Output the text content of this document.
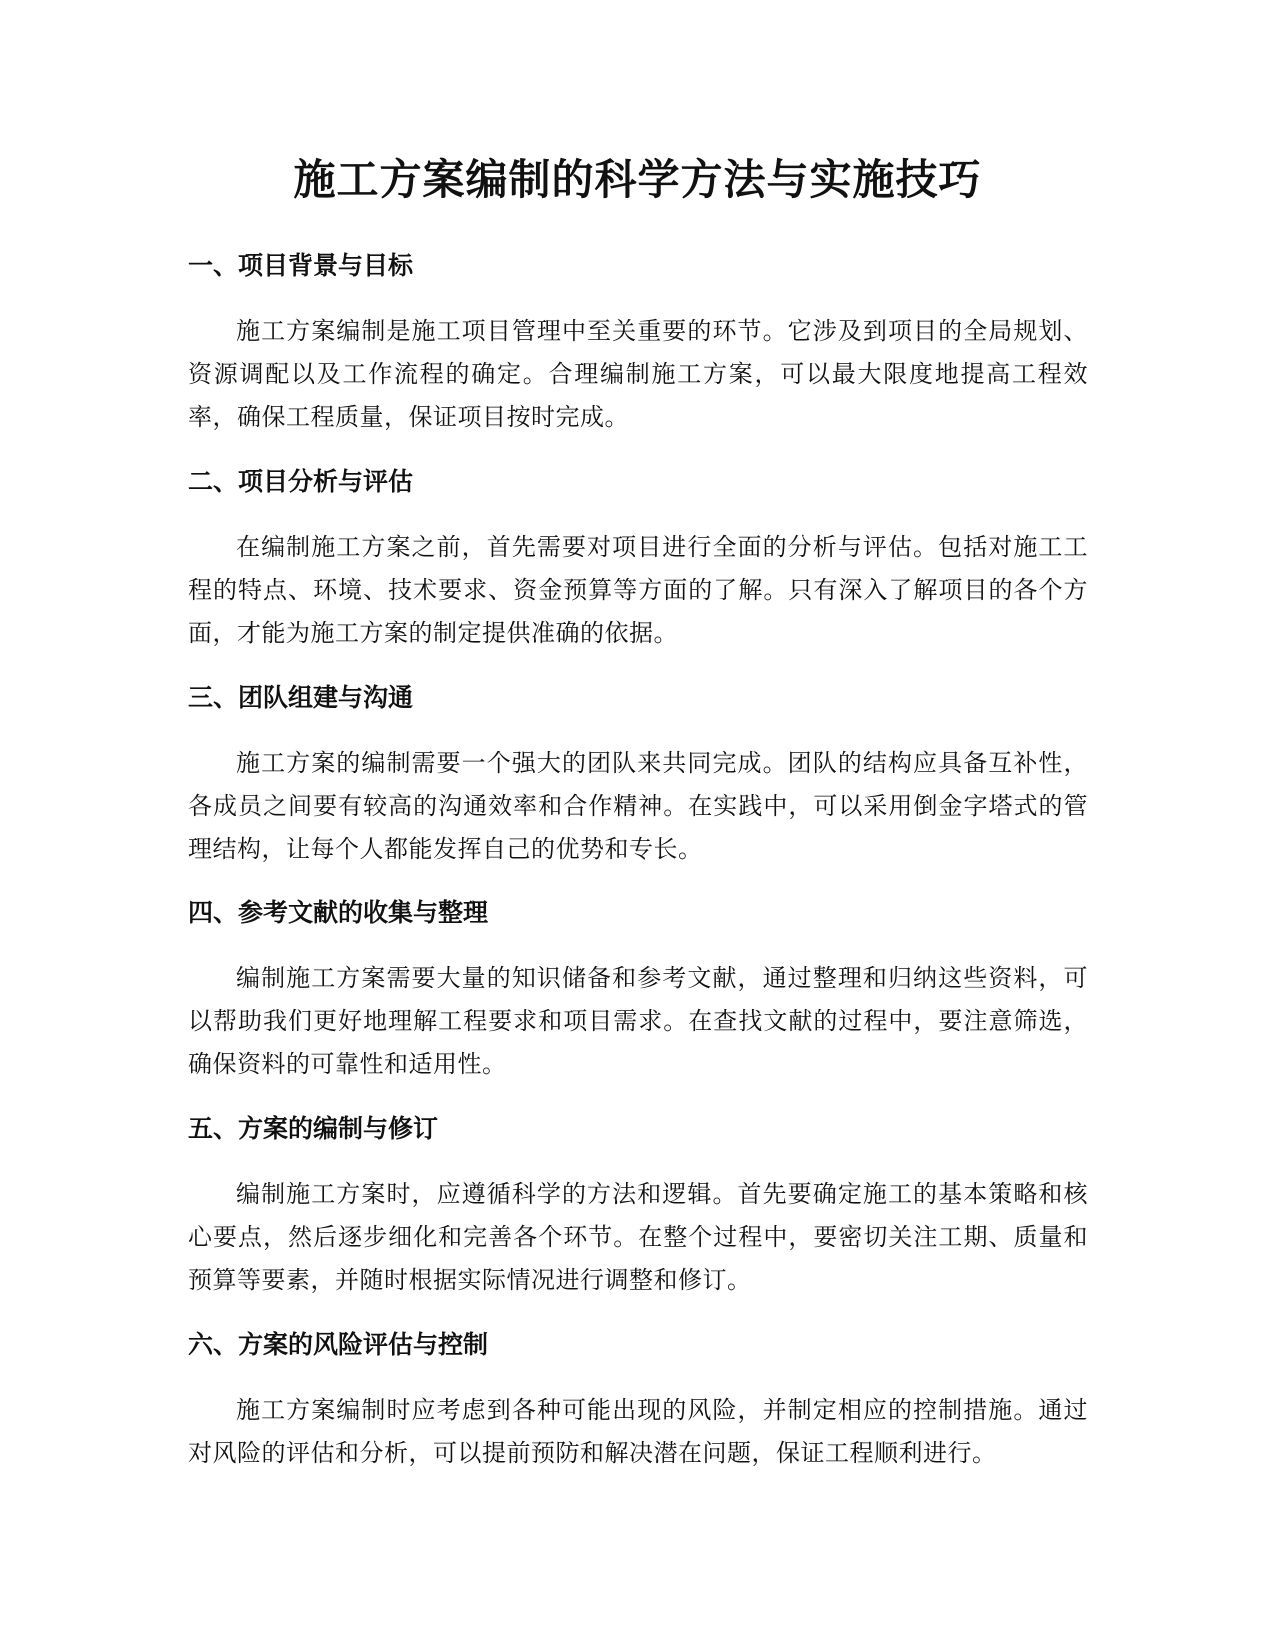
施工方案编制的科学方法与实施技巧
一、项目背景与目标

施工方案编制是施工项目管理中至关重要的环节。它涉及到项目的全局规划、资源调配以及工作流程的确定。合理编制施工方案，可以最大限度地提高工程效率，确保工程质量，保证项目按时完成。

二、项目分析与评估

在编制施工方案之前，首先需要对项目进行全面的分析与评估。包括对施工工程的特点、环境、技术要求、资金预算等方面的了解。只有深入了解项目的各个方面，才能为施工方案的制定提供准确的依据。

三、团队组建与沟通

施工方案的编制需要一个强大的团队来共同完成。团队的结构应具备互补性，各成员之间要有较高的沟通效率和合作精神。在实践中，可以采用倒金字塔式的管理结构，让每个人都能发挥自己的优势和专长。

四、参考文献的收集与整理

编制施工方案需要大量的知识储备和参考文献，通过整理和归纳这些资料，可以帮助我们更好地理解工程要求和项目需求。在查找文献的过程中，要注意筛选，确保资料的可靠性和适用性。

五、方案的编制与修订

编制施工方案时，应遵循科学的方法和逻辑。首先要确定施工的基本策略和核心要点，然后逐步细化和完善各个环节。在整个过程中，要密切关注工期、质量和预算等要素，并随时根据实际情况进行调整和修订。

六、方案的风险评估与控制

施工方案编制时应考虑到各种可能出现的风险，并制定相应的控制措施。通过对风险的评估和分析，可以提前预防和解决潜在问题，保证工程顺利进行。
